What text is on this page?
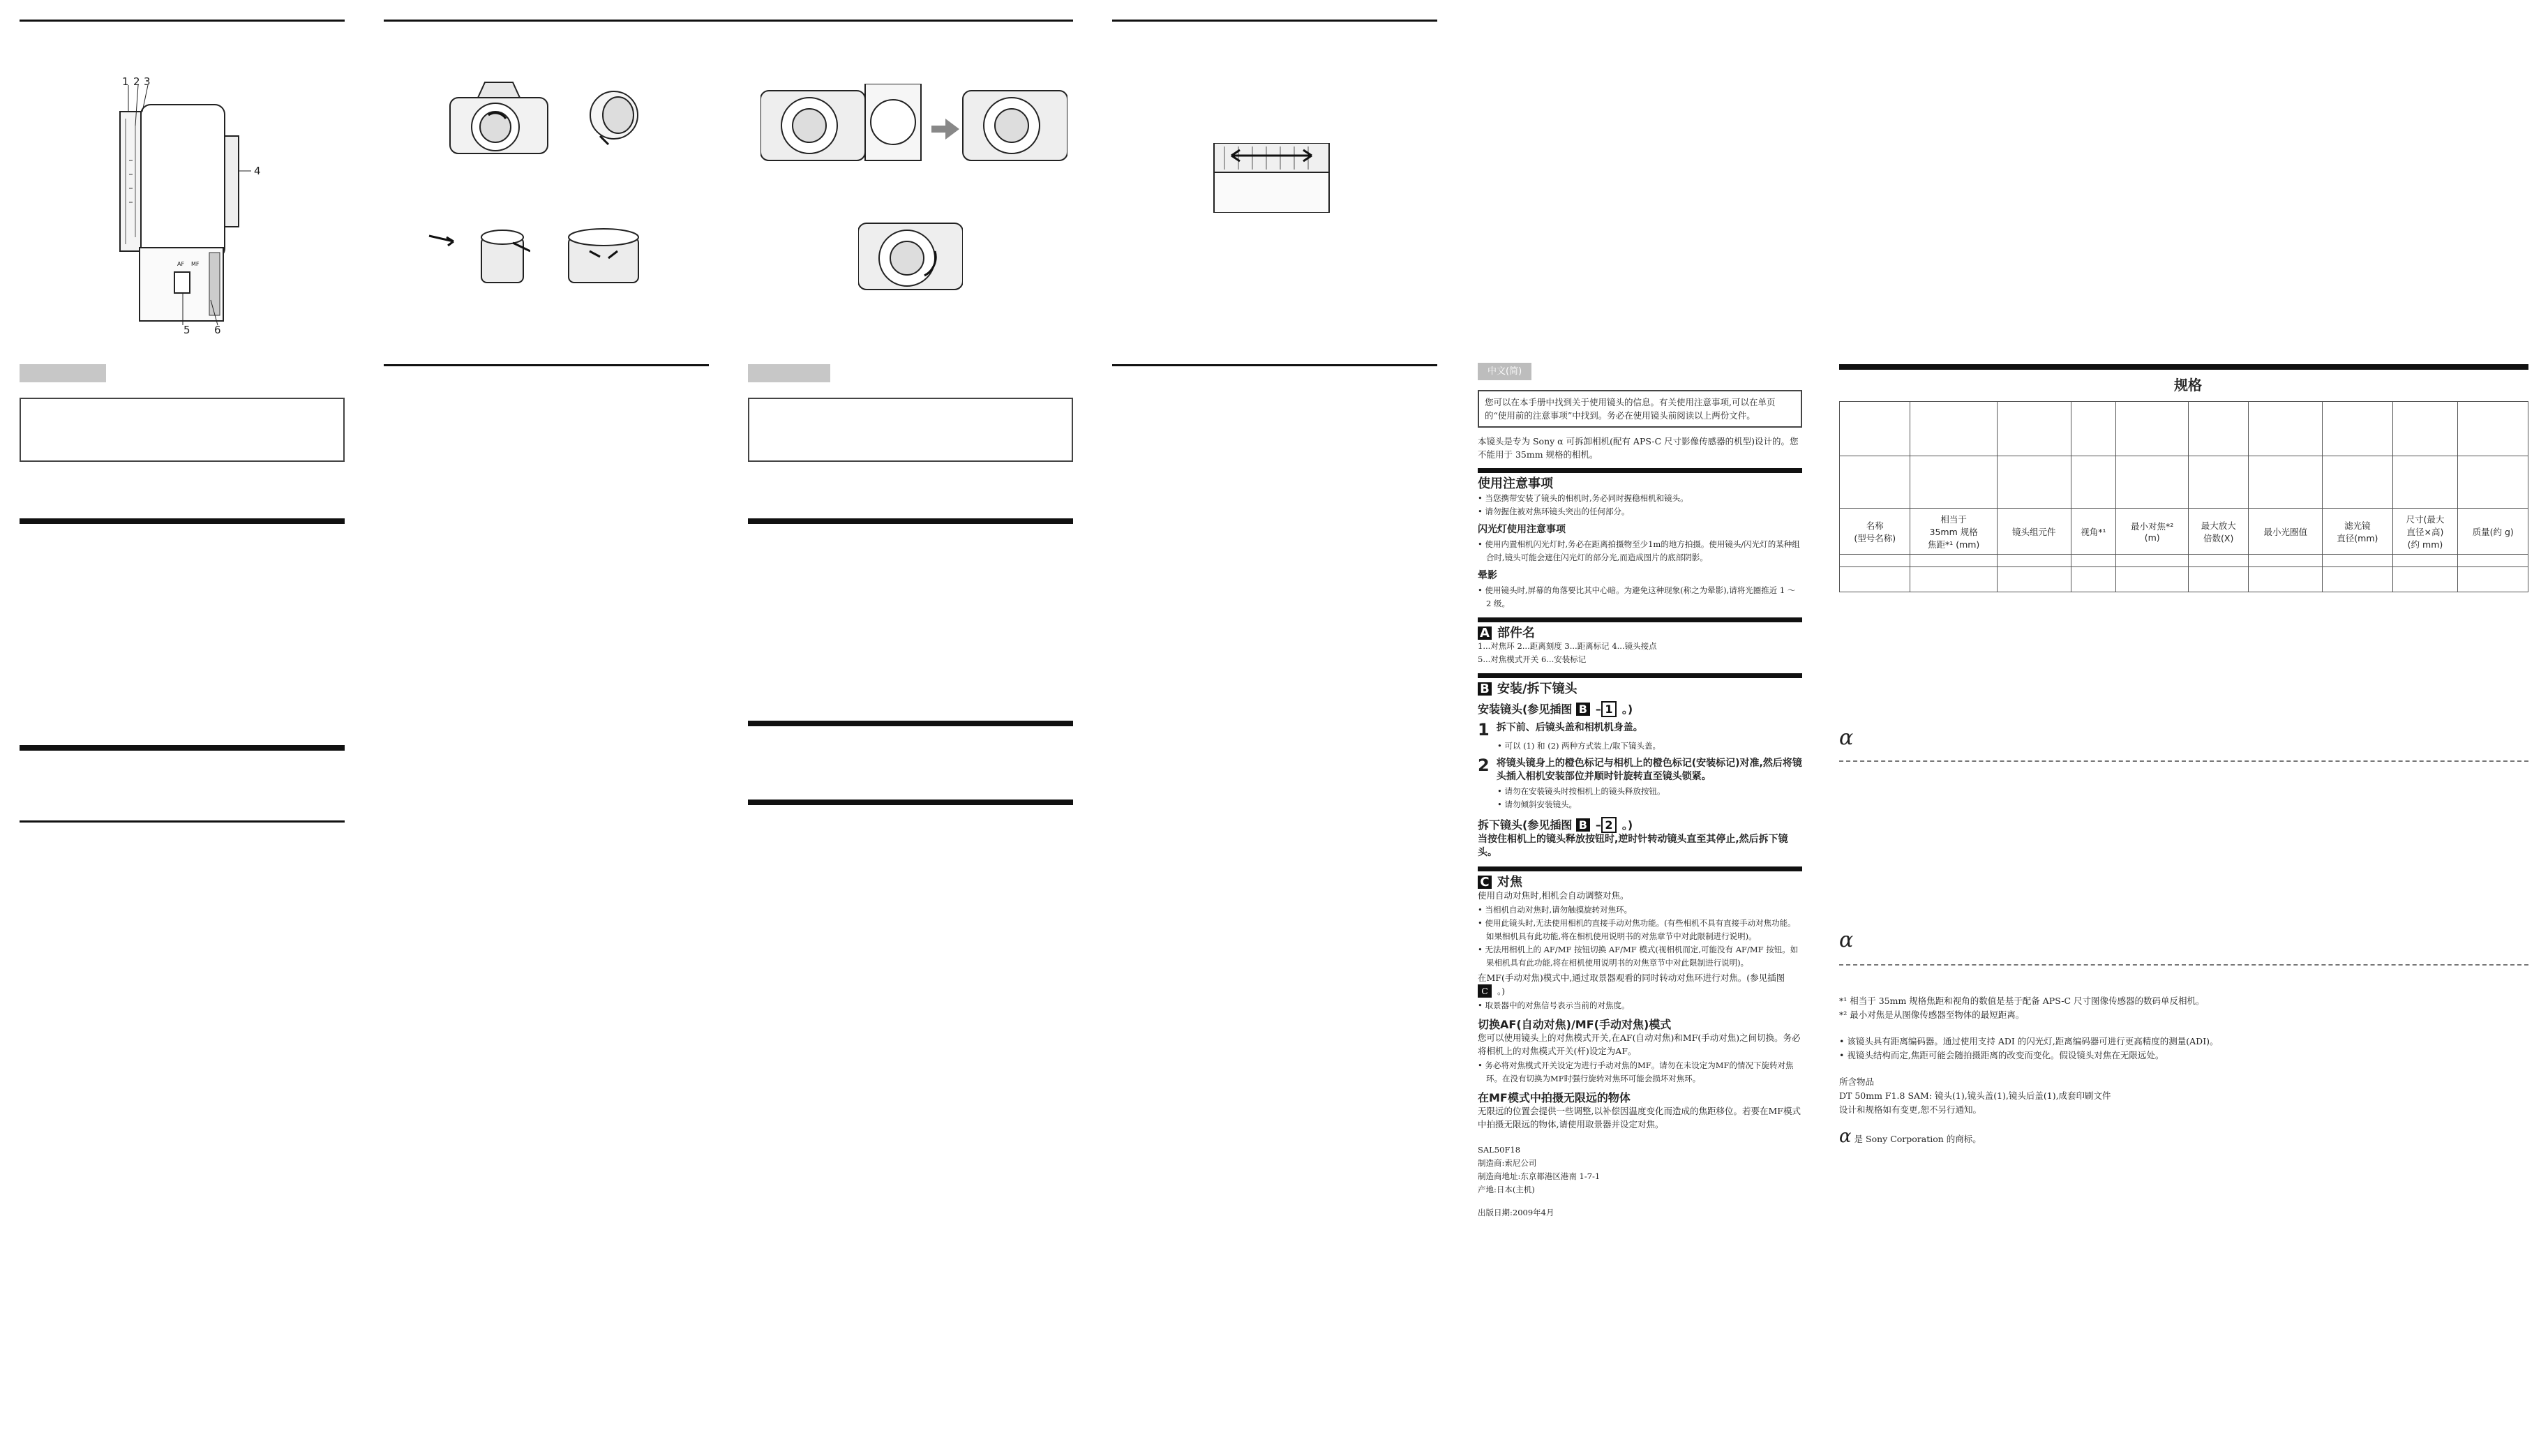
1 2 3
4
5 6
AF MF
中文(简)
您可以在本手册中找到关于使用镜头的信息。有关使用注意事项,可以在单页的“使用前的注意事项”中找到。务必在使用镜头前阅读以上两份文件。
本镜头是专为 Sony α 可拆卸相机(配有 APS-C 尺寸影像传感器的机型)设计的。您不能用于 35mm 规格的相机。
使用注意事项
• 当您携带安装了镜头的相机时,务必同时握稳相机和镜头。
• 请勿握住被对焦环镜头突出的任何部分。
闪光灯使用注意事项
• 使用内置相机闪光灯时,务必在距离拍摄物至少1m的地方拍摄。使用镜头/闪光灯的某种组合时,镜头可能会遮住闪光灯的部分光,而造成图片的底部阴影。
晕影
• 使用镜头时,屏幕的角落要比其中心暗。为避免这种现象(称之为晕影),请将光圈推近 1 ～ 2 级。
A 部件名
1...对焦环 2...距离刻度 3...距离标记 4...镜头接点
5...对焦模式开关 6...安装标记
B 安装/拆下镜头
安装镜头(参见插图 B – 1 。)
1 拆下前、后镜头盖和相机机身盖。
• 可以 (1) 和 (2) 两种方式装上/取下镜头盖。
2 将镜头镜身上的橙色标记与相机上的橙色标记(安装标记)对准,然后将镜头插入相机安装部位并顺时针旋转直至镜头锁紧。
• 请勿在安装镜头时按相机上的镜头释放按钮。
• 请勿倾斜安装镜头。
拆下镜头(参见插图 B – 2 。)
当按住相机上的镜头释放按钮时,逆时针转动镜头直至其停止,然后拆下镜头。
C 对焦
使用自动对焦时,相机会自动调整对焦。
• 当相机自动对焦时,请勿触摸旋转对焦环。
• 使用此镜头时,无法使用相机的直接手动对焦功能。(有些相机不具有直接手动对焦功能。如果相机具有此功能,将在相机使用说明书的对焦章节中对此限制进行说明)。
• 无法用相机上的 AF/MF 按钮切换 AF/MF 模式(视相机而定,可能没有 AF/MF 按钮。如果相机具有此功能,将在相机使用说明书的对焦章节中对此限制进行说明)。
在MF(手动对焦)模式中,通过取景器观看的同时转动对焦环进行对焦。(参见插图C 。)
• 取景器中的对焦信号表示当前的对焦度。
切换AF(自动对焦)/MF(手动对焦)模式
您可以使用镜头上的对焦模式开关,在AF(自动对焦)和MF(手动对焦)之间切换。务必将相机上的对焦模式开关(杆)设定为AF。
• 务必将对焦模式开关设定为进行手动对焦的MF。请勿在未设定为MF的情况下旋转对焦环。在没有切换为MF时强行旋转对焦环可能会损坏对焦环。
在MF模式中拍摄无限远的物体
无限远的位置会提供一些调整,以补偿因温度变化而造成的焦距移位。若要在MF模式中拍摄无限远的物体,请使用取景器并设定对焦。
SAL50F18
制造商:索尼公司
制造商地址:东京都港区港南 1-7-1
产地:日本(主机)
出版日期:2009年4月
规格

名称
(型号名称)	相当于
35mm 规格
焦距*¹ (mm)	镜头组元件	视角*¹	最小对焦*²
(m)	最大放大
倍数(X)	最小光圈值	滤光镜
直径(mm)	尺寸(最大
直径×高)
(约 mm)	质量(约 g)

α
α

*¹ 相当于 35mm 规格焦距和视角的数值是基于配备 APS-C 尺寸图像传感器的数码单反相机。

*² 最小对焦是从图像传感器至物体的最短距离。

• 该镜头具有距离编码器。通过使用支持 ADI 的闪光灯,距离编码器可进行更高精度的测量(ADI)。

• 视镜头结构而定,焦距可能会随拍摄距离的改变而变化。假设镜头对焦在无限远处。

所含物品

DT 50mm F1.8 SAM: 镜头(1),镜头盖(1),镜头后盖(1),成套印刷文件

设计和规格如有变更,恕不另行通知。

α 是 Sony Corporation 的商标。
